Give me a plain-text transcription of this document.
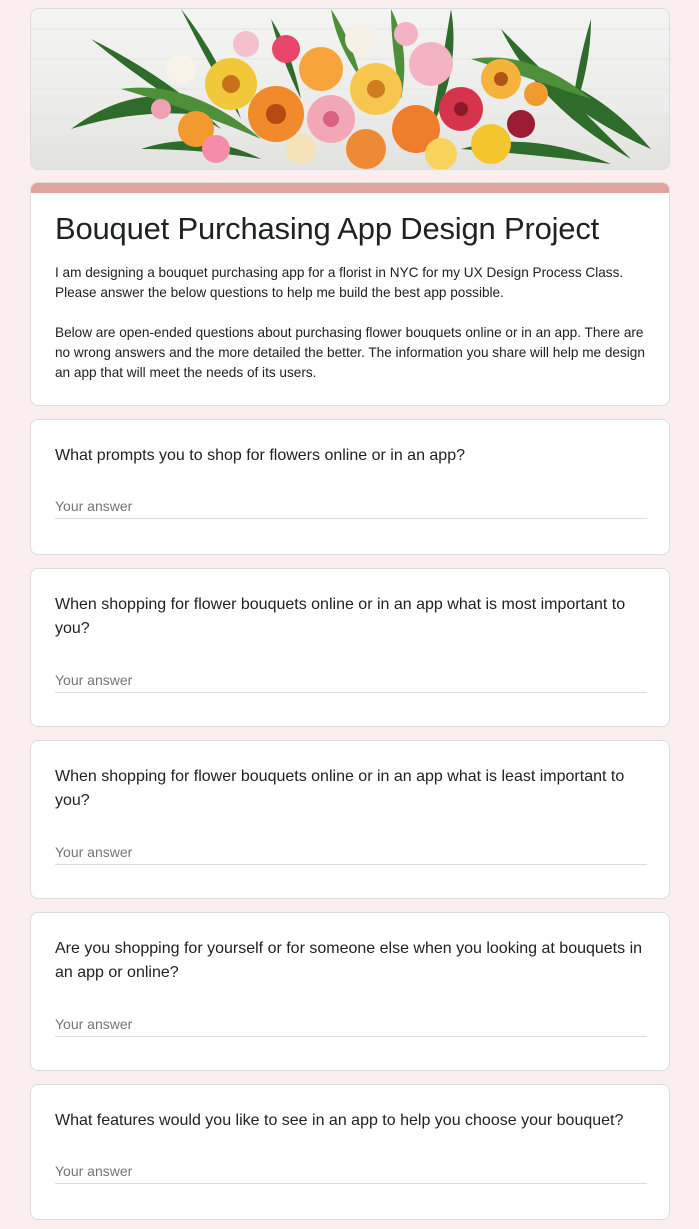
Bouquet Purchasing App Design Project

I am designing a bouquet purchasing app for a florist in NYC for my UX Design Process Class. Please answer the below questions to help me build the best app possible.

Below are open-ended questions about purchasing flower bouquets online or in an app. There are no wrong answers and the more detailed the better. The information you share will help me design an app that will meet the needs of its users.

What prompts you to shop for flowers online or in an app?
Your answer
When shopping for flower bouquets online or in an app what is most important to you?
Your answer
When shopping for flower bouquets online or in an app what is least important to you?
Your answer
Are you shopping for yourself or for someone else when you looking at bouquets in an app or online?
Your answer
What features would you like to see in an app to help you choose your bouquet?
Your answer
